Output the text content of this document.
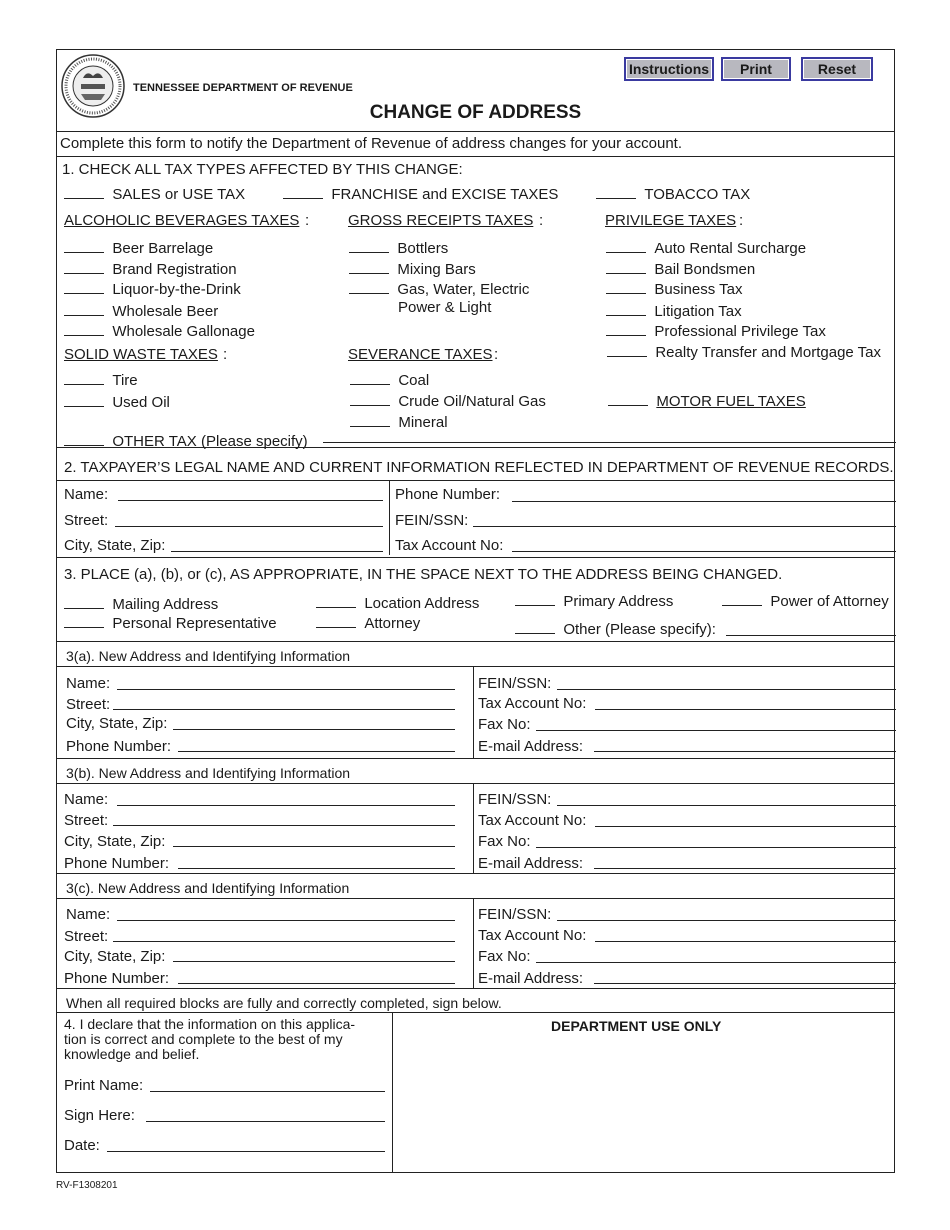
TENNESSEE DEPARTMENT OF REVENUE
CHANGE OF ADDRESS
Instructions	Print	Reset
Complete this form to notify the Department of Revenue of address changes for your account.
1. CHECK ALL TAX TYPES AFFECTED BY THIS CHANGE:
SALES or USE TAX	FRANCHISE and EXCISE TAXES	TOBACCO TAX
ALCOHOLIC BEVERAGES TAXES :	GROSS RECEIPTS TAXES :	PRIVILEGE TAXES :
Beer Barrelage
Brand Registration
Liquor-by-the-Drink
Wholesale Beer
Wholesale Gallonage
Bottlers
Mixing Bars
Gas, Water, Electric
Power & Light
Auto Rental Surcharge
Bail Bondsmen
Business Tax
Litigation Tax
Professional Privilege Tax
Realty Transfer and Mortgage Tax
SOLID WASTE TAXES :	SEVERANCE TAXES :
Tire
Used Oil
Coal
Crude Oil/Natural Gas
Mineral
MOTOR FUEL TAXES
OTHER TAX (Please specify)
2. TAXPAYER’S LEGAL NAME AND CURRENT INFORMATION REFLECTED IN DEPARTMENT OF REVENUE RECORDS.
Name:
Street:
City, State, Zip:
Phone Number:
FEIN/SSN:
Tax Account No:
3. PLACE (a), (b), or (c), AS APPROPRIATE, IN THE SPACE NEXT TO THE ADDRESS BEING CHANGED.
Mailing Address	Location Address	Primary Address	Power of Attorney
Personal Representative	Attorney	Other (Please specify):
3(a). New Address and Identifying Information
Name:
Street:
City, State, Zip:
Phone Number:
FEIN/SSN:
Tax Account No:
Fax No:
E-mail Address:
3(b). New Address and Identifying Information
Name:
Street:
City, State, Zip:
Phone Number:
FEIN/SSN:
Tax Account No:
Fax No:
E-mail Address:
3(c). New Address and Identifying Information
Name:
Street:
City, State, Zip:
Phone Number:
FEIN/SSN:
Tax Account No:
Fax No:
E-mail Address:
When all required blocks are fully and correctly completed, sign below.
4. I declare that the information on this applica-
tion is correct and complete to the best of my
knowledge and belief.
Print Name:
Sign Here:
Date:
DEPARTMENT USE ONLY
RV-F1308201
